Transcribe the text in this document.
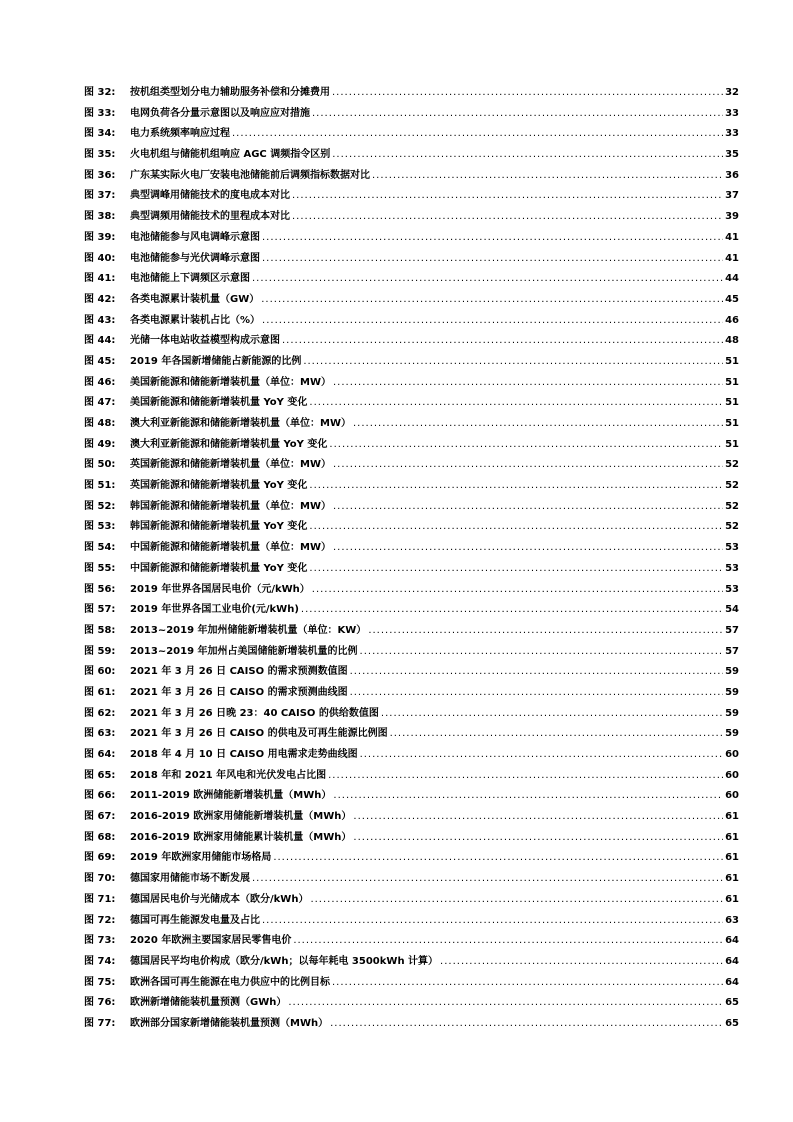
图 32:	按机组类型划分电力辅助服务补偿和分摊费用 .....	32
图 33:	电网负荷各分量示意图以及响应应对措施 .....	33
图 34:	电力系统频率响应过程 .....	33
图 35:	火电机组与储能机组响应 AGC 调频指令区别 .....	35
图 36:	广东某实际火电厂安装电池储能前后调频指标数据对比 .....	36
图 37:	典型调峰用储能技术的度电成本对比 .....	37
图 38:	典型调频用储能技术的里程成本对比 .....	39
图 39:	电池储能参与风电调峰示意图 .....	41
图 40:	电池储能参与光伏调峰示意图 .....	41
图 41:	电池储能上下调频区示意图 .....	44
图 42:	各类电源累计装机量（GW） .....	45
图 43:	各类电源累计装机占比（%） .....	46
图 44:	光储一体电站收益模型构成示意图 .....	48
图 45:	2019 年各国新增储能占新能源的比例 .....	51
图 46:	美国新能源和储能新增装机量（单位：MW） .....	51
图 47:	美国新能源和储能新增装机量 YoY 变化 .....	51
图 48:	澳大利亚新能源和储能新增装机量（单位：MW） .....	51
图 49:	澳大利亚新能源和储能新增装机量 YoY 变化 .....	51
图 50:	英国新能源和储能新增装机量（单位：MW） .....	52
图 51:	英国新能源和储能新增装机量 YoY 变化 .....	52
图 52:	韩国新能源和储能新增装机量（单位：MW） .....	52
图 53:	韩国新能源和储能新增装机量 YoY 变化 .....	52
图 54:	中国新能源和储能新增装机量（单位：MW） .....	53
图 55:	中国新能源和储能新增装机量 YoY 变化 .....	53
图 56:	2019 年世界各国居民电价（元/kWh） .....	53
图 57:	2019 年世界各国工业电价(元/kWh) .....	54
图 58:	2013~2019 年加州储能新增装机量（单位：KW） .....	57
图 59:	2013~2019 年加州占美国储能新增装机量的比例 .....	57
图 60:	2021 年 3 月 26 日 CAISO 的需求预测数值图 .....	59
图 61:	2021 年 3 月 26 日 CAISO 的需求预测曲线图 .....	59
图 62:	2021 年 3 月 26 日晚 23：40 CAISO 的供给数值图 .....	59
图 63:	2021 年 3 月 26 日 CAISO 的供电及可再生能源比例图 .....	59
图 64:	2018 年 4 月 10 日 CAISO 用电需求走势曲线图 .....	60
图 65:	2018 年和 2021 年风电和光伏发电占比图 .....	60
图 66:	2011-2019 欧洲储能新增装机量（MWh） .....	60
图 67:	2016-2019 欧洲家用储能新增装机量（MWh） .....	61
图 68:	2016-2019 欧洲家用储能累计装机量（MWh） .....	61
图 69:	2019 年欧洲家用储能市场格局 .....	61
图 70:	德国家用储能市场不断发展 .....	61
图 71:	德国居民电价与光储成本（欧分/kWh） .....	61
图 72:	德国可再生能源发电量及占比 .....	63
图 73:	2020 年欧洲主要国家居民零售电价 .....	64
图 74:	德国居民平均电价构成（欧分/kWh；以每年耗电 3500kWh 计算） .....	64
图 75:	欧洲各国可再生能源在电力供应中的比例目标 .....	64
图 76:	欧洲新增储能装机量预测（GWh） .....	65
图 77:	欧洲部分国家新增储能装机量预测（MWh） .....	65
